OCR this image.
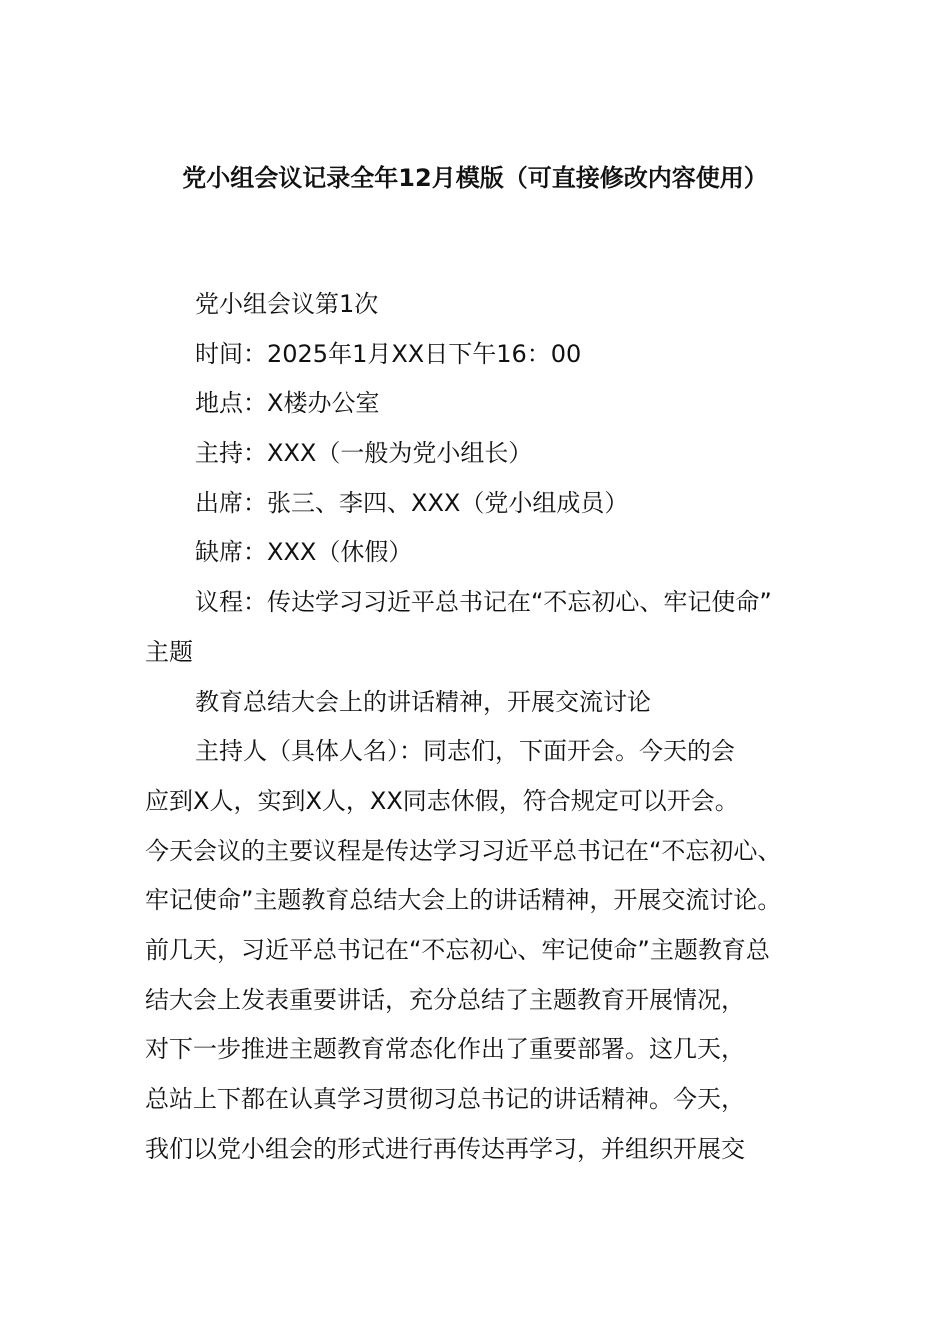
党小组会议记录全年12月模版（可直接修改内容使用）
党小组会议第1次
时间：2025年1月XX日下午16：00
地点：X楼办公室
主持：XXX（一般为党小组长）
出席：张三、李四、XXX（党小组成员）
缺席：XXX（休假）
议程：传达学习习近平总书记在“不忘初心、牢记使命”
主题
教育总结大会上的讲话精神，开展交流讨论
主持人（具体人名）：同志们，下面开会。今天的会
应到X人，实到X人，XX同志休假，符合规定可以开会。
今天会议的主要议程是传达学习习近平总书记在“不忘初心、
牢记使命”主题教育总结大会上的讲话精神，开展交流讨论。
前几天，习近平总书记在“不忘初心、牢记使命”主题教育总
结大会上发表重要讲话，充分总结了主题教育开展情况，
对下一步推进主题教育常态化作出了重要部署。这几天，
总站上下都在认真学习贯彻习总书记的讲话精神。今天，
我们以党小组会的形式进行再传达再学习，并组织开展交
